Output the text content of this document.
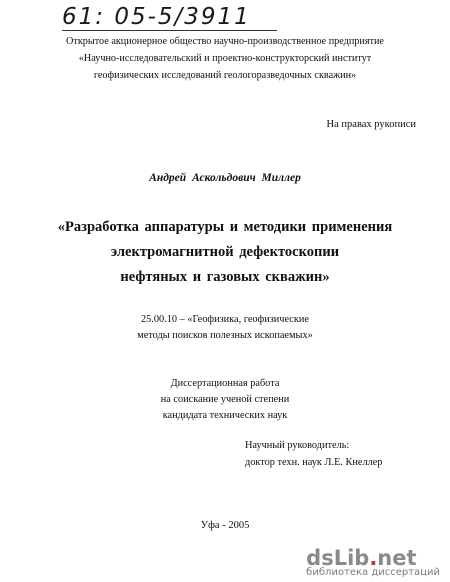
61: 05-5/3911
Открытое акционерное общество научно-производственное предприятие
«Научно-исследовательский и проектно-конструкторский институт
геофизических исследований геологоразведочных скважин»
На правах рукописи
Андрей Аскольдович Миллер
«Разработка аппаратуры и методики применения
электромагнитной дефектоскопии
нефтяных и газовых скважин»
25.00.10 – «Геофизика, геофизические
методы поисков полезных ископаемых»
Диссертационная работа
на соискание ученой степени
кандидата технических наук
Научный руководитель:
доктор техн. наук Л.Е. Кнеллер
Уфа - 2005
dsLib.net
библиотека диссертаций
